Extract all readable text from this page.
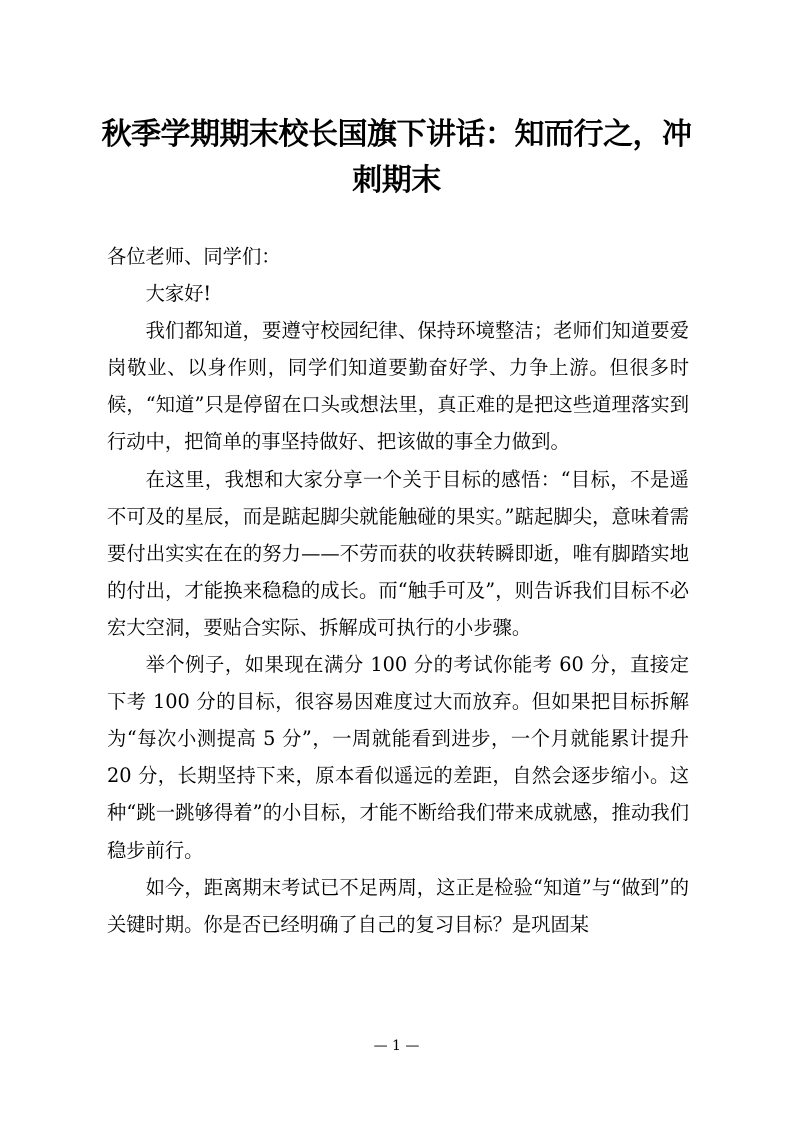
秋季学期期末校长国旗下讲话：知而行之，冲刺期末

各位老师、同学们：

大家好!

我们都知道，要遵守校园纪律、保持环境整洁；老师们知道要爱岗敬业、以身作则，同学们知道要勤奋好学、力争上游。但很多时候，“知道”只是停留在口头或想法里，真正难的是把这些道理落实到行动中，把简单的事坚持做好、把该做的事全力做到。

在这里，我想和大家分享一个关于目标的感悟：“目标，不是遥不可及的星辰，而是踮起脚尖就能触碰的果实。”踮起脚尖，意味着需要付出实实在在的努力——不劳而获的收获转瞬即逝，唯有脚踏实地的付出，才能换来稳稳的成长。而“触手可及”，则告诉我们目标不必宏大空洞，要贴合实际、拆解成可执行的小步骤。

举个例子，如果现在满分 100 分的考试你能考 60 分，直接定下考 100 分的目标，很容易因难度过大而放弃。但如果把目标拆解为“每次小测提高 5 分”，一周就能看到进步，一个月就能累计提升 20 分，长期坚持下来，原本看似遥远的差距，自然会逐步缩小。这种“跳一跳够得着”的小目标，才能不断给我们带来成就感，推动我们稳步前行。

如今，距离期末考试已不足两周，这正是检验“知道”与“做到”的关键时期。你是否已经明确了自己的复习目标？是巩固某

— 1 —
